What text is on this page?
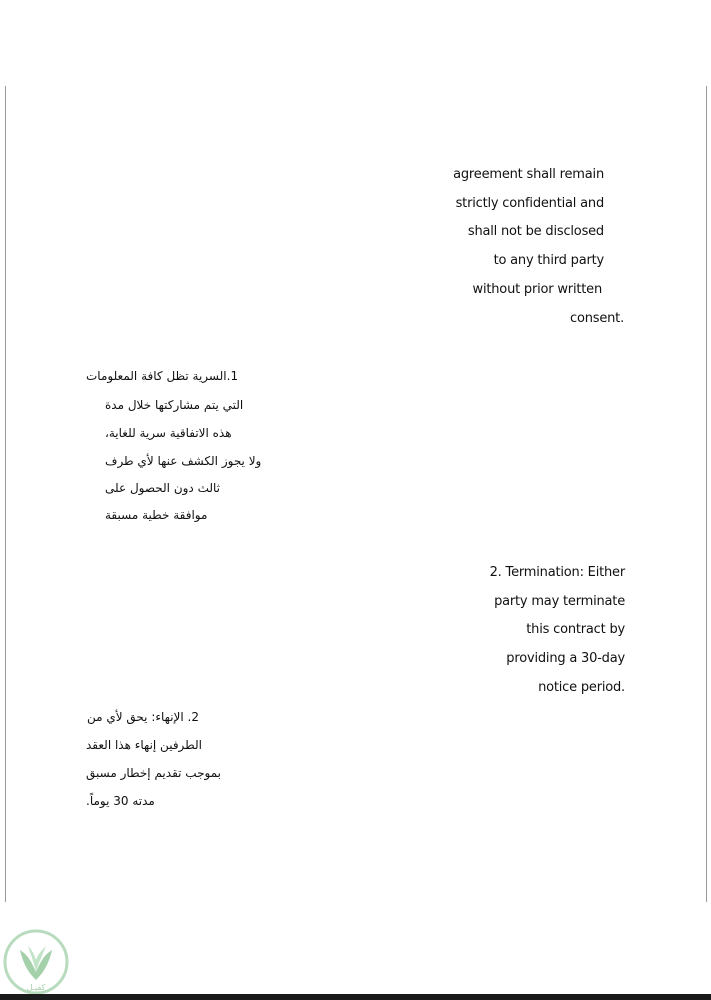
agreement shall remain
strictly confidential and
shall not be disclosed
to any third party
without prior written
consent.
1.السرية تظل كافة المعلومات
التي يتم مشاركتها خلال مدة
هذه الاتفاقية سرية للغاية،
ولا يجوز الكشف عنها لأي طرف
ثالث دون الحصول على
موافقة خطية مسبقة
2. Termination: Either
party may terminate
this contract by
providing a 30-day
notice period.
2. الإنهاء: يحق لأي من
الطرفين إنهاء هذا العقد
بموجب تقديم إخطار مسبق
مدته 30 يوماً.
كفيـل
